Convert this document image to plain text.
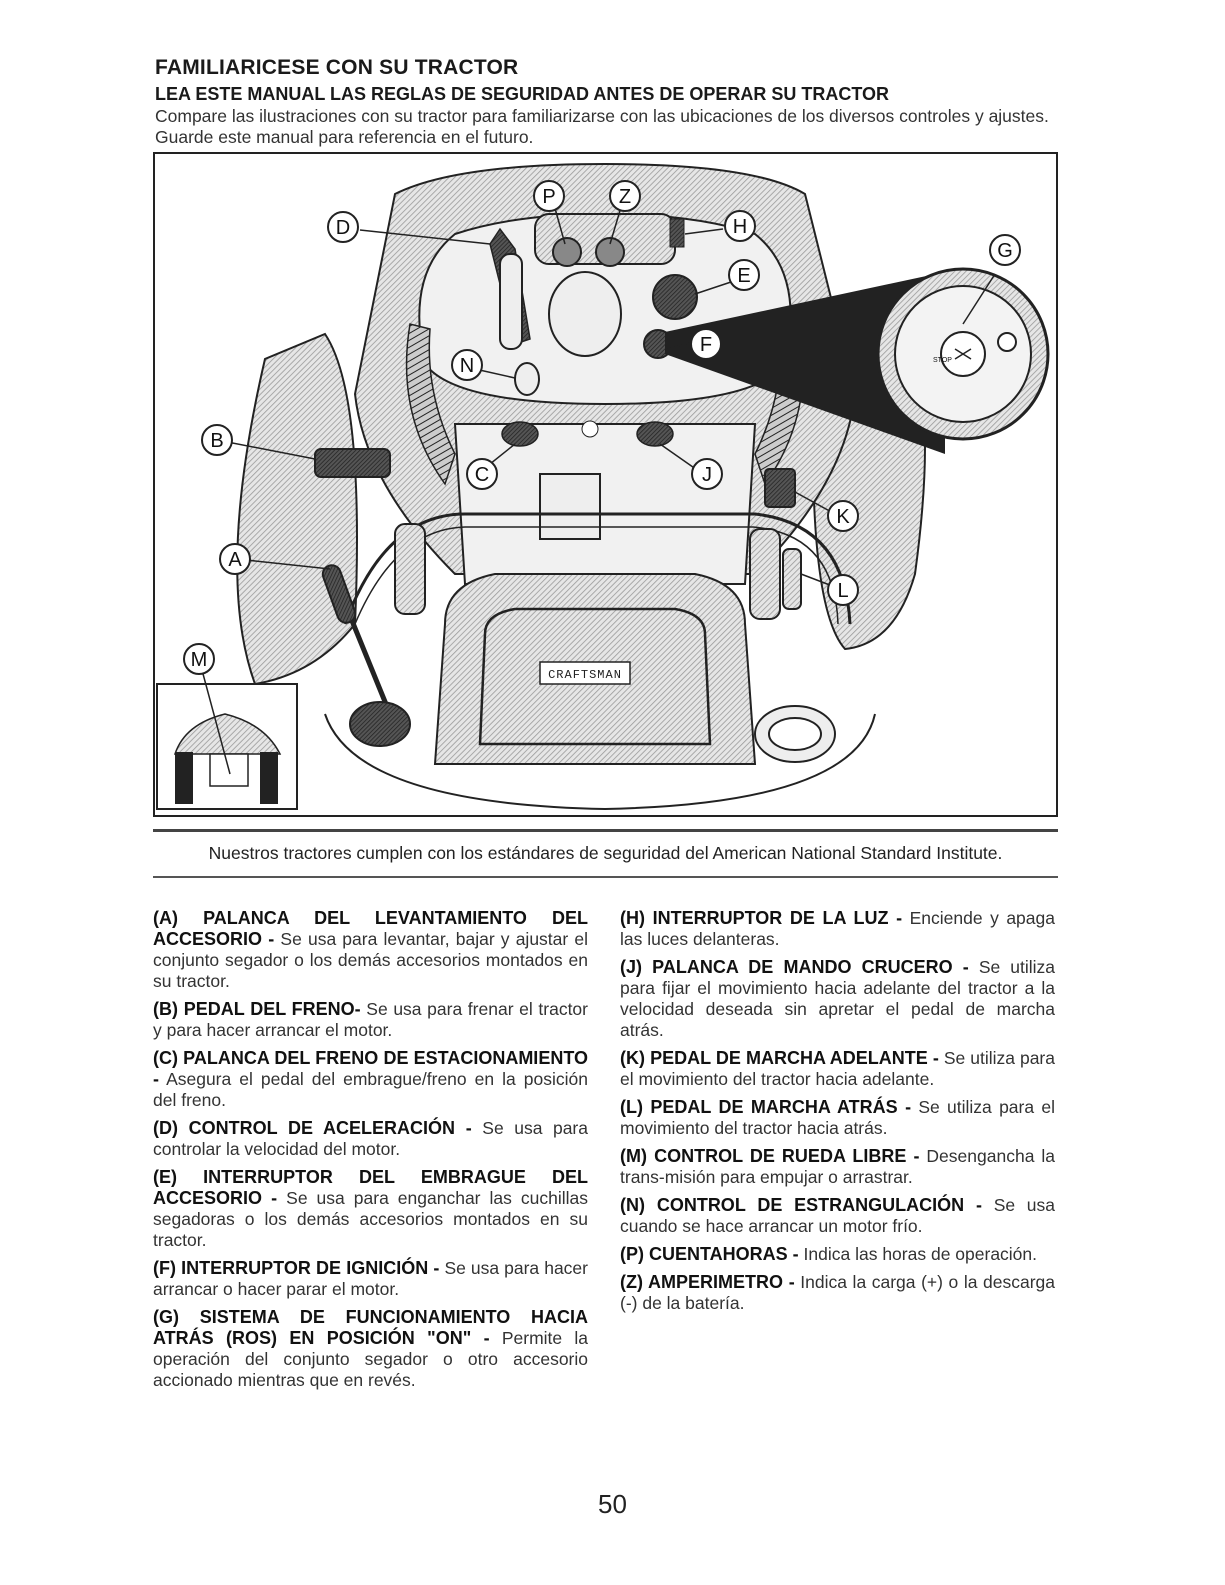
FAMILIARICESE CON SU TRACTOR
LEA ESTE MANUAL LAS REGLAS DE SEGURIDAD ANTES DE OPERAR SU TRACTOR
Compare las ilustraciones con su tractor para familiarizarse con las ubicaciones de los diversos controles y ajustes. Guarde este manual para referencia en el futuro.
STOP
CRAFTSMAN
D
P	Z
H
G
E
N
F
B
C	J
K
A
L
M
Nuestros tractores cumplen con los estándares de seguridad del American National Standard Institute.

(A) PALANCA DEL LEVANTAMIENTO DEL ACCESORIO - Se usa para levantar, bajar y ajustar el conjunto segador o los demás accesorios montados en su tractor.

(B) PEDAL DEL FRENO- Se usa para frenar el tractor y para hacer arrancar el motor.

(C) PALANCA DEL FRENO DE ESTACIONAMIENTO - Asegura el pedal del embrague/freno en la posición del freno.

(D) CONTROL DE ACELERACIÓN - Se usa para controlar la velocidad del motor.

(E) INTERRUPTOR DEL EMBRAGUE DEL ACCESORIO - Se usa para enganchar las cuchillas segadoras o los demás accesorios montados en su tractor.

(F) INTERRUPTOR DE IGNICIÓN - Se usa para hacer arrancar o hacer parar el motor.

(G) SISTEMA DE FUNCIONAMIENTO HACIA ATRÁS (ROS) EN POSICIÓN "ON" - Permite la operación del conjunto segador o otro accesorio accionado mientras que en revés.

(H) INTERRUPTOR DE LA LUZ - Enciende y apaga las luces delanteras.

(J) PALANCA DE MANDO CRUCERO - Se utiliza para fijar el movimiento hacia adelante del tractor a la velocidad deseada sin apretar el pedal de marcha atrás.

(K) PEDAL DE MARCHA ADELANTE - Se utiliza para el movimiento del tractor hacia adelante.

(L) PEDAL DE MARCHA ATRÁS - Se utiliza para el movimiento del tractor hacia atrás.

(M) CONTROL DE RUEDA LIBRE - Desengancha la trans-misión para empujar o arrastrar.

(N) CONTROL DE ESTRANGULACIÓN - Se usa cuando se hace arrancar un motor frío.

(P) CUENTAHORAS - Indica las horas de operación.

(Z) AMPERIMETRO - Indica la carga (+) o la descarga (-) de la batería.

50
